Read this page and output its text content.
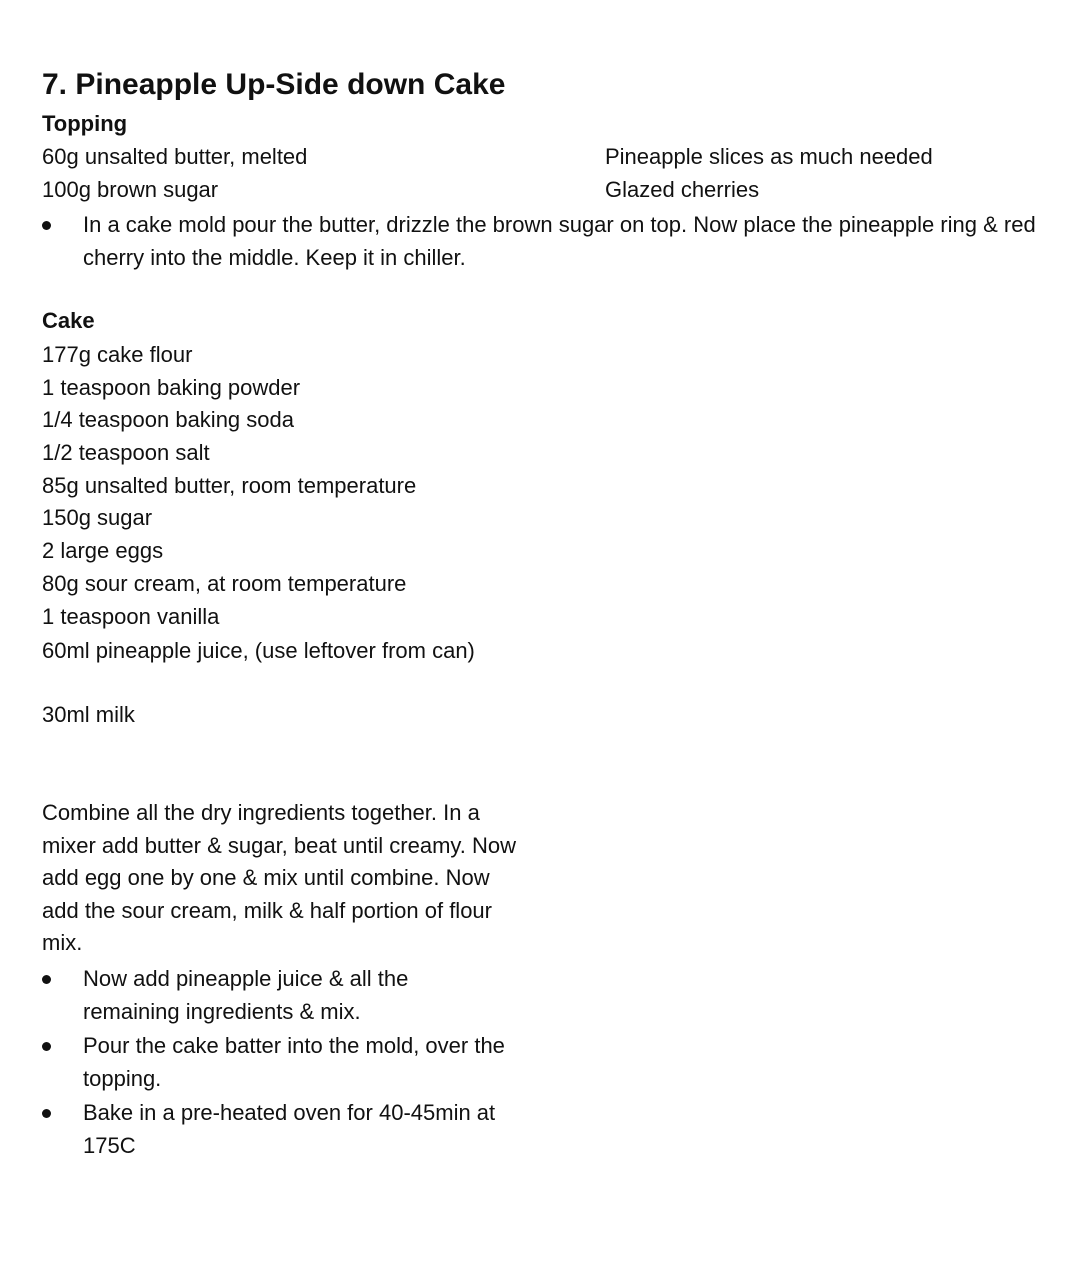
7. Pineapple Up-Side down Cake
Topping
60g unsalted butter, melted
100g brown sugar
Pineapple slices as much needed
Glazed cherries
In a cake mold pour the butter, drizzle the brown sugar on top. Now place the pineapple ring & red cherry into the middle. Keep it in chiller.
Cake
177g cake flour
1 teaspoon baking powder
1/4 teaspoon baking soda
1/2 teaspoon salt
85g unsalted butter, room temperature
150g sugar
2 large eggs
80g sour cream, at room temperature
1 teaspoon vanilla
60ml pineapple juice, (use leftover from can)
30ml milk
Combine all the dry ingredients together. In a mixer add butter & sugar, beat until creamy. Now add egg one by one & mix until combine. Now add the sour cream, milk & half portion of flour mix.
Now add pineapple juice & all the remaining ingredients & mix.
Pour the cake batter into the mold, over the topping.
Bake in a pre-heated oven for 40-45min at 175C
